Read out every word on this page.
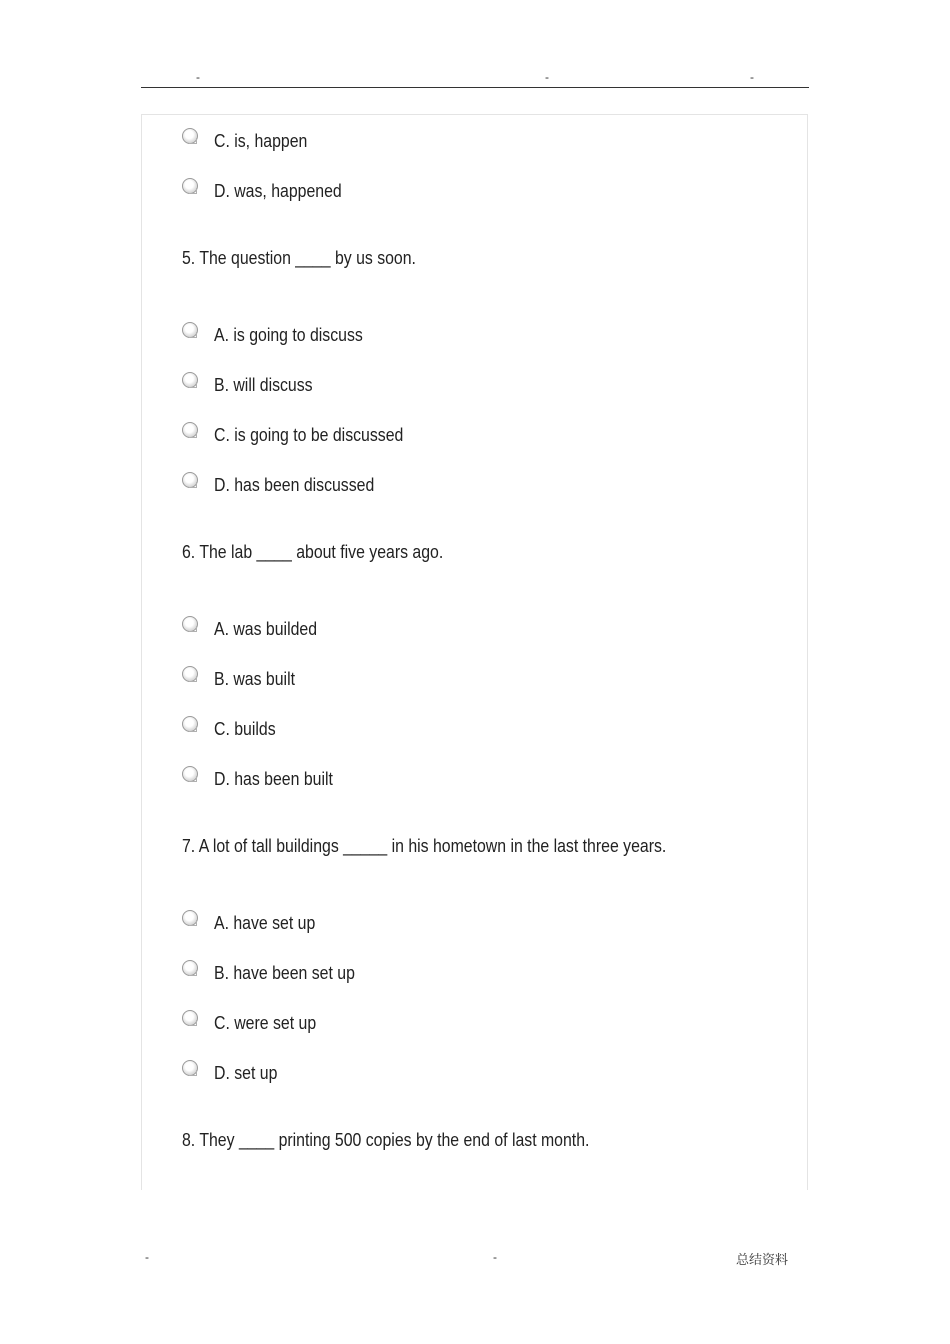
-	-	-
C. is, happen
D. was, happened
5. The question ____ by us soon.
A. is going to discuss
B. will discuss
C. is going to be discussed
D. has been discussed
6. The lab ____ about five years ago.
A. was builded
B. was built
C. builds
D. has been built
7. A lot of tall buildings _____ in his hometown in the last three years.
A. have set up
B. have been set up
C. were set up
D. set up
8. They ____ printing 500 copies by the end of last month.
-	-	总结资料
